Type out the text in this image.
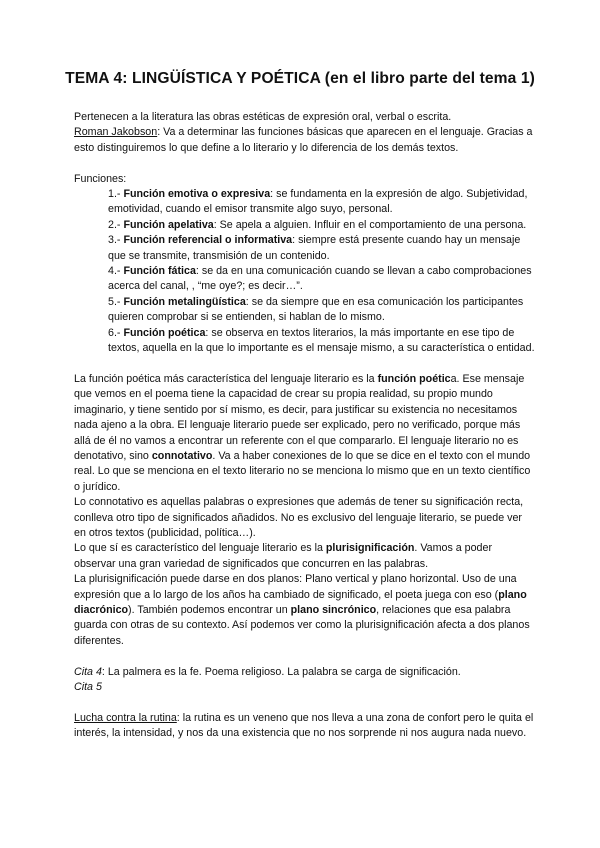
TEMA 4: LINGÜÍSTICA Y POÉTICA (en el libro parte del tema 1)

Pertenecen a la literatura las obras estéticas de expresión oral, verbal o escrita.

Roman Jakobson: Va a determinar las funciones básicas que aparecen en el lenguaje. Gracias a esto distinguiremos lo que define a lo literario y lo diferencia de los demás textos.

Funciones:

1.- Función emotiva o expresiva: se fundamenta en la expresión de algo. Subjetividad, emotividad, cuando el emisor transmite algo suyo, personal.

2.- Función apelativa: Se apela a alguien. Influir en el comportamiento de una persona.

3.- Función referencial o informativa: siempre está presente cuando hay un mensaje que se transmite, transmisión de un contenido.

4.- Función fática: se da en una comunicación cuando se llevan a cabo comprobaciones acerca del canal, , “me oye?; es decir…”.

5.- Función metalingüística: se da siempre que en esa comunicación los participantes quieren comprobar si se entienden, si hablan de lo mismo.

6.- Función poética: se observa en textos literarios, la más importante en ese tipo de textos, aquella en la que lo importante es el mensaje mismo, a su característica o entidad.

La función poética más característica del lenguaje literario es la función poética. Ese mensaje que vemos en el poema tiene la capacidad de crear su propia realidad, su propio mundo imaginario, y tiene sentido por sí mismo, es decir, para justificar su existencia no necesitamos nada ajeno a la obra. El lenguaje literario puede ser explicado, pero no verificado, porque más allá de él no vamos a encontrar un referente con el que compararlo. El lenguaje literario no es denotativo, sino connotativo. Va a haber conexiones de lo que se dice en el texto con el mundo real. Lo que se menciona en el texto literario no se menciona lo mismo que en un texto científico o jurídico.

Lo connotativo es aquellas palabras o expresiones que además de tener su significación recta, conlleva otro tipo de significados añadidos. No es exclusivo del lenguaje literario, se puede ver en otros textos (publicidad, política…).

Lo que sí es característico del lenguaje literario es la plurisignificación. Vamos a poder observar una gran variedad de significados que concurren en las palabras.

La plurisignificación puede darse en dos planos: Plano vertical y plano horizontal. Uso de una expresión que a lo largo de los años ha cambiado de significado, el poeta juega con eso (plano diacrónico). También podemos encontrar un plano sincrónico, relaciones que esa palabra guarda con otras de su contexto. Así podemos ver como la plurisignificación afecta a dos planos diferentes.

Cita 4: La palmera es la fe. Poema religioso. La palabra se carga de significación.

Cita 5

Lucha contra la rutina: la rutina es un veneno que nos lleva a una zona de confort pero le quita el interés, la intensidad, y nos da una existencia que no nos sorprende ni nos augura nada nuevo.
